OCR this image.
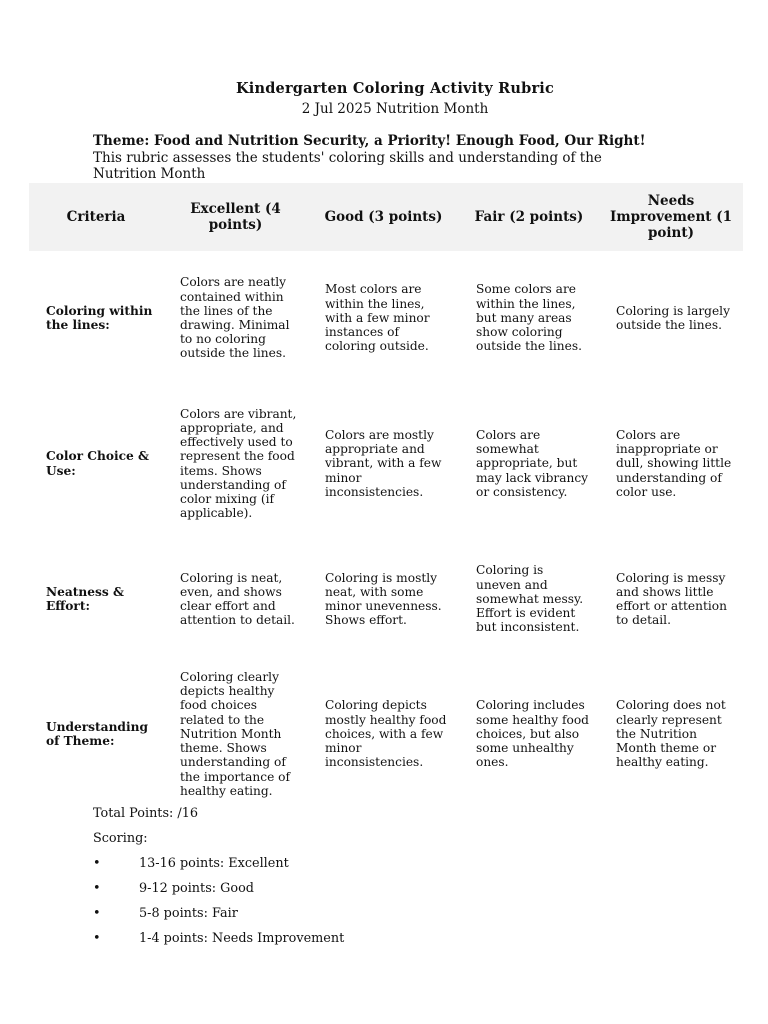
Kindergarten Coloring Activity Rubric
2 Jul 2025 Nutrition Month
Theme: Food and Nutrition Security, a Priority! Enough Food, Our Right!
This rubric assesses the students' coloring skills and understanding of the Nutrition Month
Criteria	Excellent (4 points)	Good (3 points)	Fair (2 points)	Needs Improvement (1 point)
Coloring within the lines:	Colors are neatly contained within the lines of the drawing. Minimal to no coloring outside the lines.	Most colors are within the lines, with a few minor instances of coloring outside.	Some colors are within the lines, but many areas show coloring outside the lines.	Coloring is largely outside the lines.
Color Choice & Use:	Colors are vibrant, appropriate, and effectively used to represent the food items. Shows understanding of color mixing (if applicable).	Colors are mostly appropriate and vibrant, with a few minor inconsistencies.	Colors are somewhat appropriate, but may lack vibrancy or consistency.	Colors are inappropriate or dull, showing little understanding of color use.
Neatness & Effort:	Coloring is neat, even, and shows clear effort and attention to detail.	Coloring is mostly neat, with some minor unevenness. Shows effort.	Coloring is uneven and somewhat messy. Effort is evident but inconsistent.	Coloring is messy and shows little effort or attention to detail.
Understanding of Theme:	Coloring clearly depicts healthy food choices related to the Nutrition Month theme. Shows understanding of the importance of healthy eating.	Coloring depicts mostly healthy food choices, with a few minor inconsistencies.	Coloring includes some healthy food choices, but also some unhealthy ones.	Coloring does not clearly represent the Nutrition Month theme or healthy eating.
Total Points: /16
Scoring:
•	13-16 points: Excellent
•	9-12 points: Good
•	5-8 points: Fair
•	1-4 points: Needs Improvement
